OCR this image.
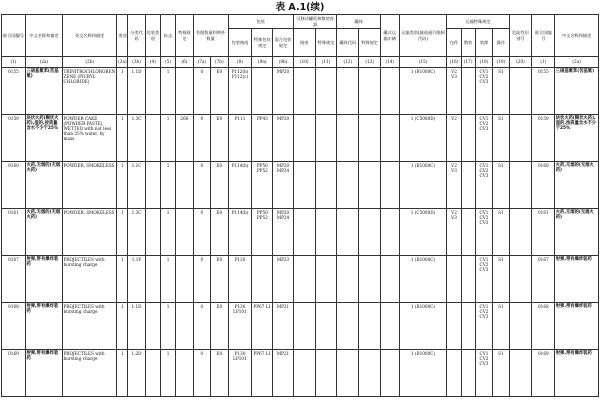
表 A.1(续)
联合国编号	中文名称和描述	英文名称和描述	类别	分类代码	包装类别	标志	特殊规定	有限数量和例外数量		包装			可移动罐柜和散装容器		罐体		罐式运输车辆	运输类别(隧道通行限制代码)	运输特殊规定				危险性识别号	联合国编号	中文名称和描述
										包装指南	特殊包装规定	混合包装规定	指南	特殊规定	罐体代码	特殊规定			包件	散装	装卸	操作			
(1)	(2a)	(2b)	(3a)	(3b)	(4)	(5)	(6)	(7a)	(7b)	(8)	(9a)	(9b)	(10)	(11)	(12)	(13)	(14)	(15)	(16)	(17)	(18)	(19)	(20)	(1)	(2a)
0155	三硝基氯苯(苦基氯)	TRINITROCHLOROBENZENE (PICRYL CHLORIDE)	1	1.1D		1		0	E0	P112(b) P112(c)		MP20						1 (B1000C)	V2 V3		CV1 CV2 CV3	S1		0155	三硝基氯苯(苦基氯)
0159	块状火药(糊状火药),湿的,按质量含水不少于25%	POWDER CAKE (POWDER PASTE), WETTED with not less than 25% water, by mass	1	1.3C		1	266	0	E0	P111	PP43	MP20						1 (C5000D)	V2		CV1 CV2 CV3	S1		0159	块状火药(糊状火药),湿的,按质量含水不少于25%
0160	火药,无烟的(无烟火药)	POWDER, SMOKELESS	1	1.1C		1		0	E0	P114(b)	PP50 PP52	MP20 MP24						1 (B1000C)	V2 V3		CV1 CV2 CV3	S1		0160	火药,无烟的(无烟火药)
0161	火药,无烟的(无烟火药)	POWDER, SMOKELESS	1	1.3C		1		0	E0	P114(b)	PP50 PP52	MP20 MP24						1 (C5000D)	V2 V3		CV1 CV2 CV3	S1		0161	火药,无烟的(无烟火药)
0167	射弹,带有爆炸装药	PROJECTILES with bursting charge	1	1.1F		1		0	E0	P130		MP23						1 (B1000C)			CV1 CV2 CV3	S1		0167	射弹,带有爆炸装药
0168	射弹,带有爆炸装药	PROJECTILES with bursting charge	1	1.1D		1		0	E0	P130 LP101	PP67 L1	MP21						1 (B1000C)			CV1 CV2 CV3	S1		0168	射弹,带有爆炸装药
0169	射弹,带有爆炸装药	PROJECTILES with bursting charge	1	1.2D		1		0	E0	P130 LP101	PP67 L1	MP21						1 (B1000C)			CV1 CV2 CV3	S1		0169	射弹,带有爆炸装药
